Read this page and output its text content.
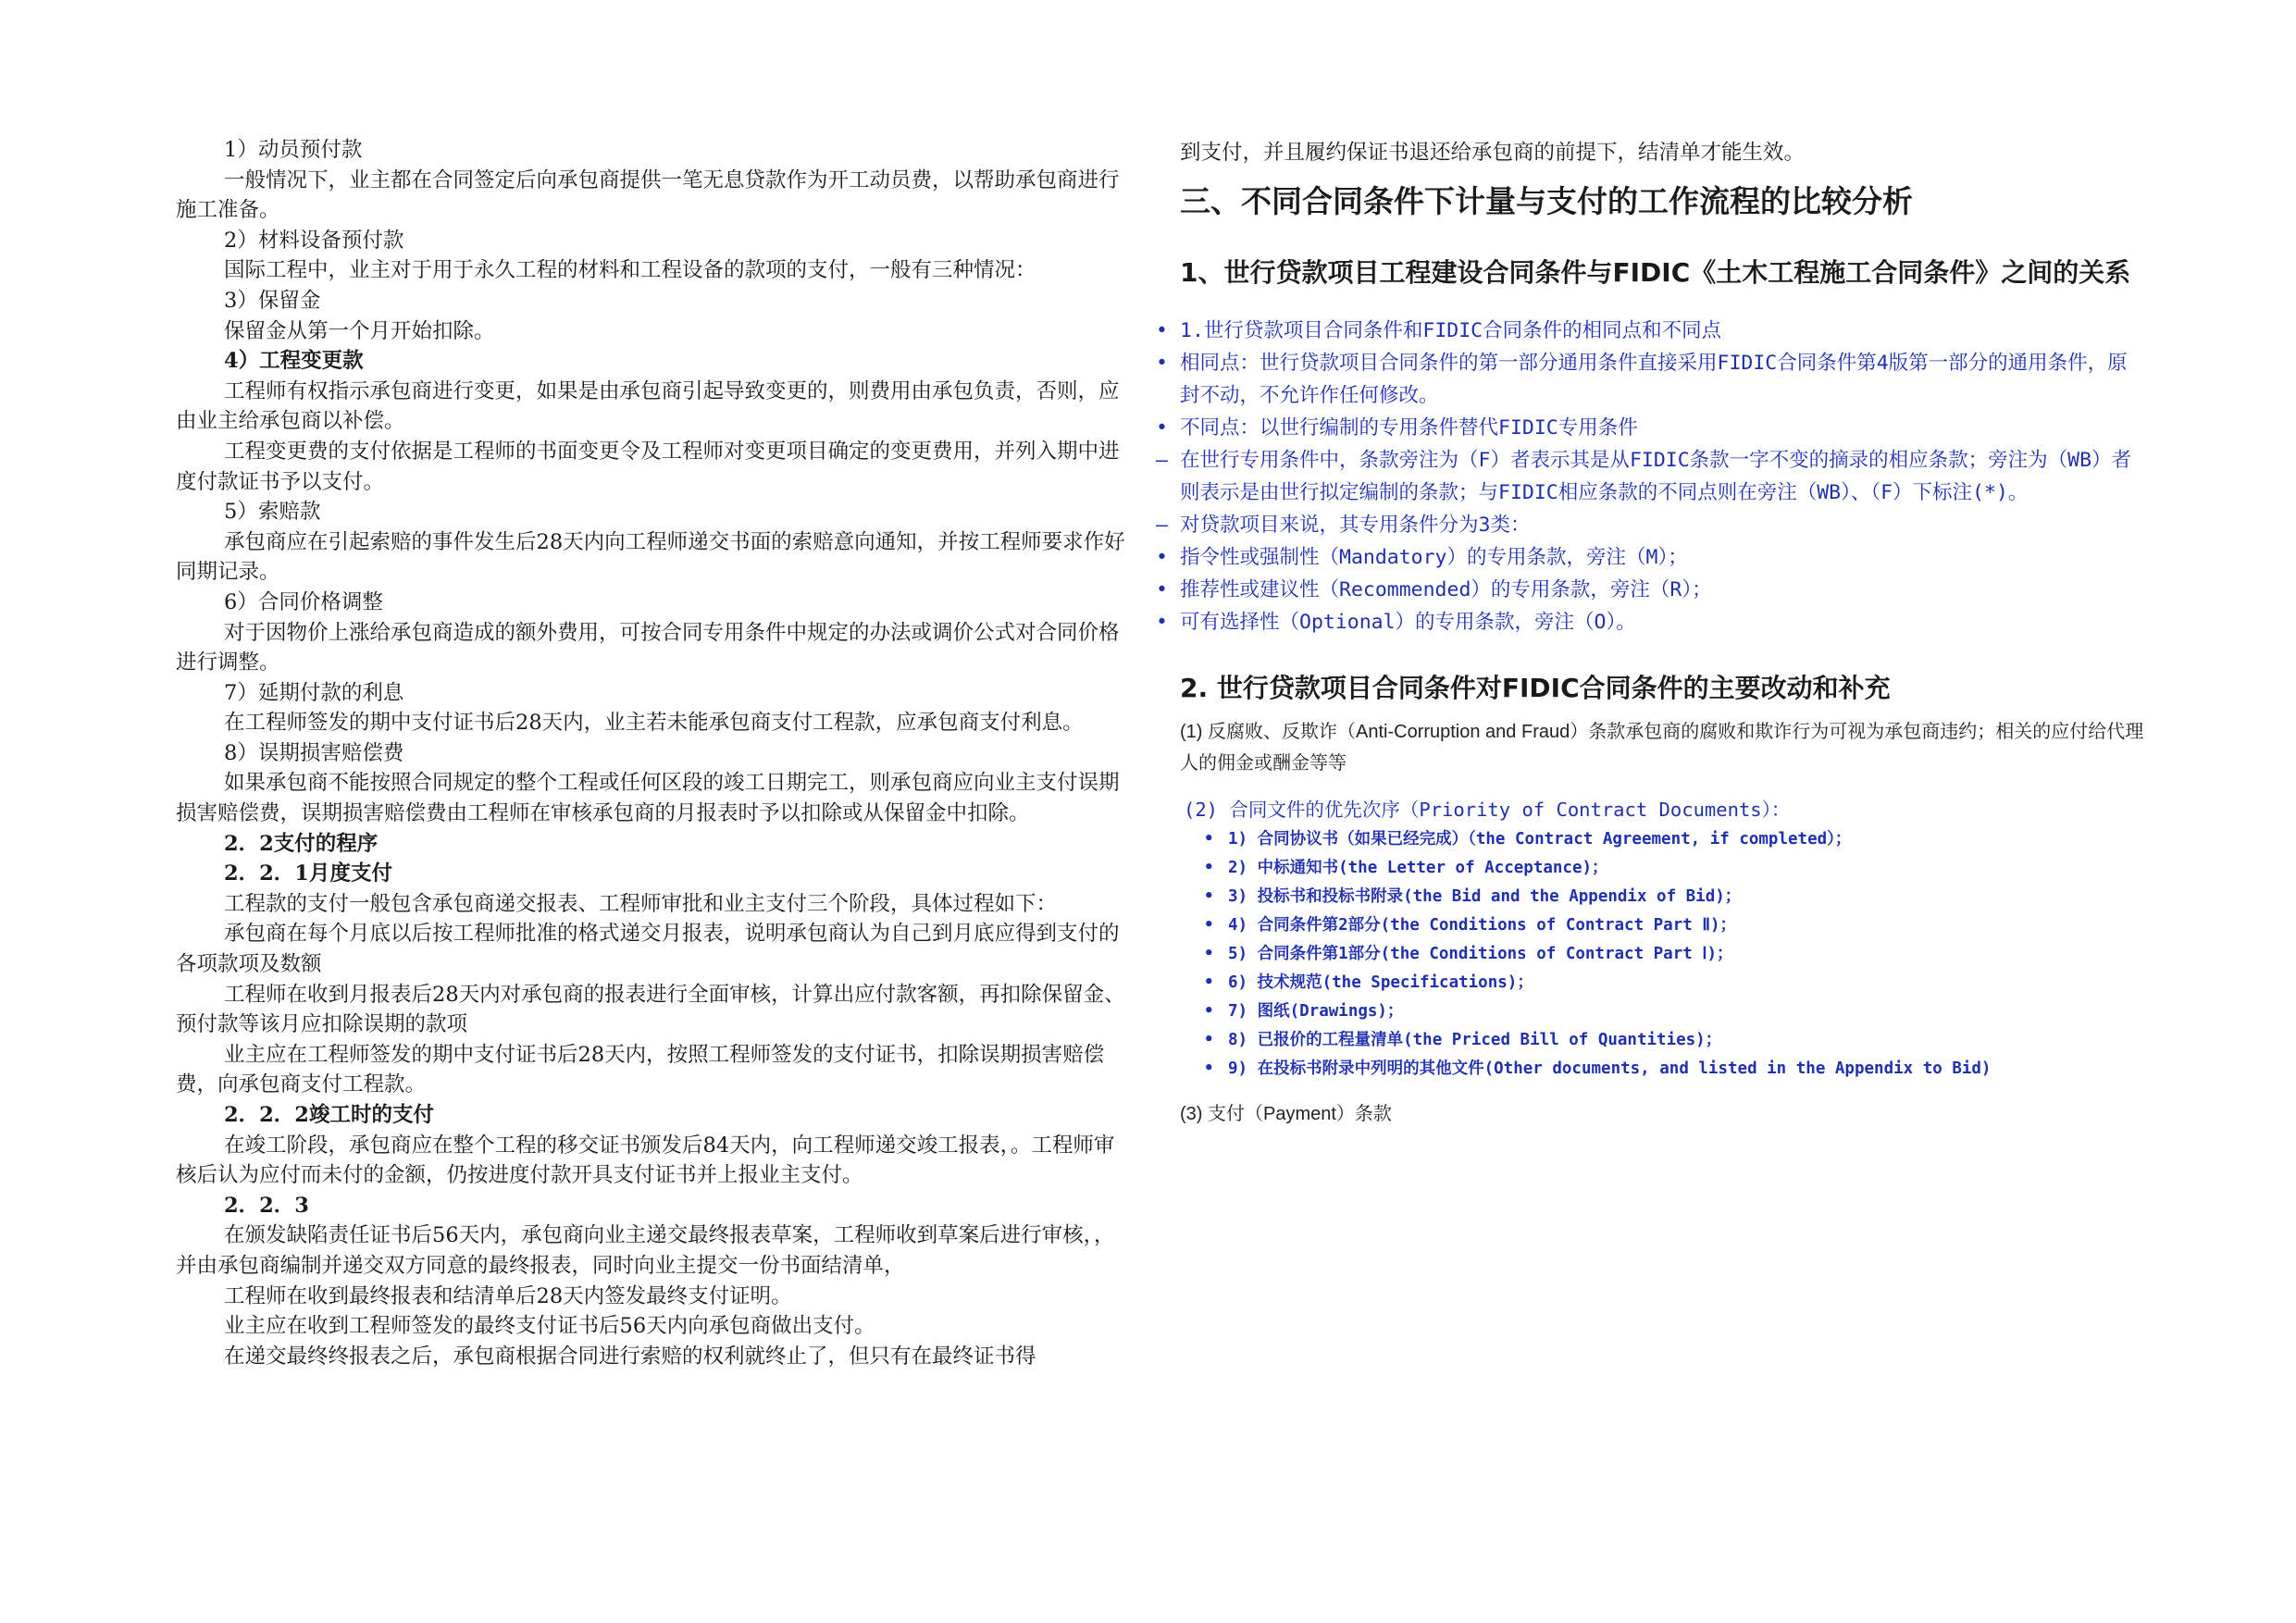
1）动员预付款

一般情况下，业主都在合同签定后向承包商提供一笔无息贷款作为开工动员费，以帮助承包商进行施工准备。

2）材料设备预付款

国际工程中，业主对于用于永久工程的材料和工程设备的款项的支付，一般有三种情况：

3）保留金

保留金从第一个月开始扣除。

4）工程变更款

工程师有权指示承包商进行变更，如果是由承包商引起导致变更的，则费用由承包负责，否则，应由业主给承包商以补偿。

工程变更费的支付依据是工程师的书面变更令及工程师对变更项目确定的变更费用，并列入期中进度付款证书予以支付。

5）索赔款

承包商应在引起索赔的事件发生后28天内向工程师递交书面的索赔意向通知，并按工程师要求作好同期记录。

6）合同价格调整

对于因物价上涨给承包商造成的额外费用，可按合同专用条件中规定的办法或调价公式对合同价格进行调整。

7）延期付款的利息

在工程师签发的期中支付证书后28天内，业主若未能承包商支付工程款，应承包商支付利息。

8）误期损害赔偿费

如果承包商不能按照合同规定的整个工程或任何区段的竣工日期完工，则承包商应向业主支付误期损害赔偿费，误期损害赔偿费由工程师在审核承包商的月报表时予以扣除或从保留金中扣除。

2．2支付的程序

2．2．1月度支付

工程款的支付一般包含承包商递交报表、工程师审批和业主支付三个阶段，具体过程如下：

承包商在每个月底以后按工程师批准的格式递交月报表，说明承包商认为自己到月底应得到支付的各项款项及数额

工程师在收到月报表后28天内对承包商的报表进行全面审核，计算出应付款客额，再扣除保留金、预付款等该月应扣除误期的款项

业主应在工程师签发的期中支付证书后28天内，按照工程师签发的支付证书，扣除误期损害赔偿费，向承包商支付工程款。

2．2．2竣工时的支付

在竣工阶段，承包商应在整个工程的移交证书颁发后84天内，向工程师递交竣工报表，。工程师审核后认为应付而未付的金额，仍按进度付款开具支付证书并上报业主支付。

2．2．3

在颁发缺陷责任证书后56天内，承包商向业主递交最终报表草案，工程师收到草案后进行审核，，并由承包商编制并递交双方同意的最终报表，同时向业主提交一份书面结清单，

工程师在收到最终报表和结清单后28天内签发最终支付证明。

业主应在收到工程师签发的最终支付证书后56天内向承包商做出支付。

在递交最终终报表之后，承包商根据合同进行索赔的权利就终止了，但只有在最终证书得

到支付，并且履约保证书退还给承包商的前提下，结清单才能生效。

三、不同合同条件下计量与支付的工作流程的比较分析
1、世行贷款项目工程建设合同条件与FIDIC《土木工程施工合同条件》之间的关系
• 1.世行贷款项目合同条件和FIDIC合同条件的相同点和不同点
• 相同点：世行贷款项目合同条件的第一部分通用条件直接采用FIDIC合同条件第4版第一部分的通用条件，原封不动，不允许作任何修改。
• 不同点：以世行编制的专用条件替代FIDIC专用条件
– 在世行专用条件中，条款旁注为（F）者表示其是从FIDIC条款一字不变的摘录的相应条款；旁注为（WB）者则表示是由世行拟定编制的条款；与FIDIC相应条款的不同点则在旁注（WB）、（F）下标注(*)。
– 对贷款项目来说，其专用条件分为3类：
• 指令性或强制性（Mandatory）的专用条款，旁注（M）；
• 推荐性或建议性（Recommended）的专用条款，旁注（R）；
• 可有选择性（Optional）的专用条款，旁注（O）。
2. 世行贷款项目合同条件对FIDIC合同条件的主要改动和补充

(1) 反腐败、反欺诈（Anti-Corruption and Fraud）条款承包商的腐败和欺诈行为可视为承包商违约；相关的应付给代理人的佣金或酬金等等

(2) 合同文件的优先次序（Priority of Contract Documents）：

• 1) 合同协议书（如果已经完成）（the Contract Agreement, if completed）；
• 2) 中标通知书(the Letter of Acceptance)；
• 3) 投标书和投标书附录(the Bid and the Appendix of Bid)；
• 4) 合同条件第2部分(the Conditions of Contract Part Ⅱ)；
• 5) 合同条件第1部分(the Conditions of Contract Part Ⅰ)；
• 6) 技术规范(the Specifications)；
• 7) 图纸(Drawings)；
• 8) 已报价的工程量清单(the Priced Bill of Quantities)；
• 9) 在投标书附录中列明的其他文件(Other documents, and listed in the Appendix to Bid)

(3) 支付（Payment）条款
